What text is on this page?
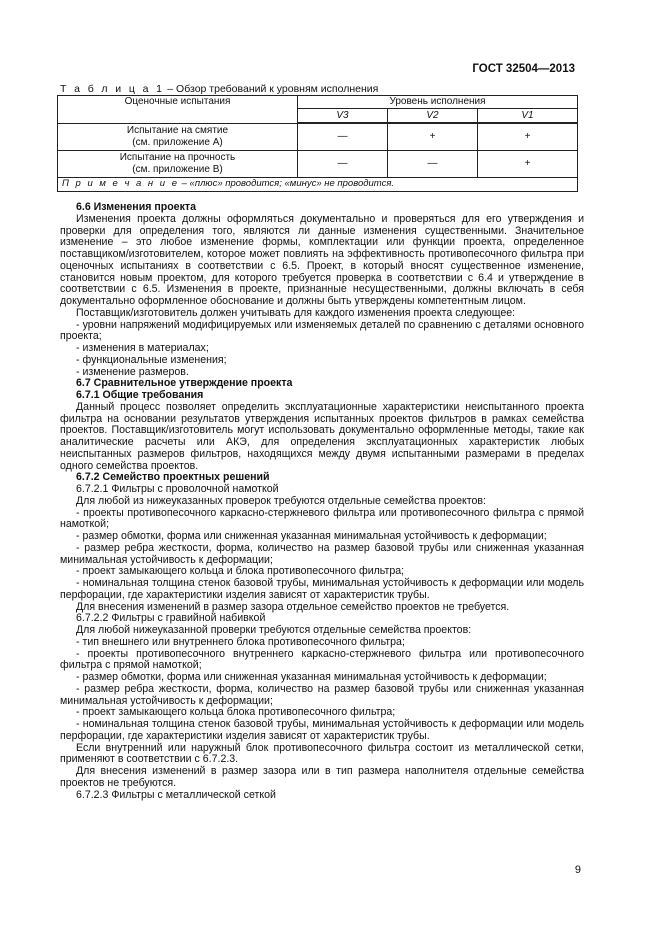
ГОСТ 32504—2013
Т а б л и ц а 1 – Обзор требований к уровням исполнения
Оценочные испытания	Уровень исполнения		
	V3	V2	V1
Испытание на смятие
(см. приложение А)	—	+	+
Испытание на прочность
(см. приложение В)	—	—	+
П р и м е ч а н и е – «плюс» проводится; «минус» не проводится.			

6.6 Изменения проекта

Изменения проекта должны оформляться документально и проверяться для его утверждения и проверки для определения того, являются ли данные изменения существенными. Значительное изменение – это любое изменение формы, комплектации или функции проекта, определенное поставщиком/изготовителем, которое может повлиять на эффективность противопесочного фильтра при оценочных испытаниях в соответствии с 6.5. Проект, в который вносят существенное изменение, становится новым проектом, для которого требуется проверка в соответствии с 6.4 и утверждение в соответствии с 6.5. Изменения в проекте, признанные несущественными, должны включать в себя документально оформленное обоснование и должны быть утверждены компетентным лицом.

Поставщик/изготовитель должен учитывать для каждого изменения проекта следующее:

- уровни напряжений модифицируемых или изменяемых деталей по сравнению с деталями основного проекта;

- изменения в материалах;

- функциональные изменения;

- изменение размеров.

6.7 Сравнительное утверждение проекта

6.7.1 Общие требования

Данный процесс позволяет определить эксплуатационные характеристики неиспытанного проекта фильтра на основании результатов утверждения испытанных проектов фильтров в рамках семейства проектов. Поставщик/изготовитель могут использовать документально оформленные методы, такие как аналитические расчеты или АКЭ, для определения эксплуатационных характеристик любых неиспытанных размеров фильтров, находящихся между двумя испытанными размерами в пределах одного семейства проектов.

6.7.2 Семейство проектных решений

6.7.2.1 Фильтры с проволочной намоткой

Для любой из нижеуказанных проверок требуются отдельные семейства проектов:

- проекты противопесочного каркасно-стержневого фильтра или противопесочного фильтра с прямой намоткой;

- размер обмотки, форма или сниженная указанная минимальная устойчивость к деформации;

- размер ребра жесткости, форма, количество на размер базовой трубы или сниженная указанная минимальная устойчивость к деформации;

- проект замыкающего кольца и блока противопесочного фильтра;

- номинальная толщина стенок базовой трубы, минимальная устойчивость к деформации или модель перфорации, где характеристики изделия зависят от характеристик трубы.

Для внесения изменений в размер зазора отдельное семейство проектов не требуется.

6.7.2.2 Фильтры с гравийной набивкой

Для любой нижеуказанной проверки требуются отдельные семейства проектов:

- тип внешнего или внутреннего блока противопесочного фильтра;

- проекты противопесочного внутреннего каркасно-стержневого фильтра или противопесочного фильтра с прямой намоткой;

- размер обмотки, форма или сниженная указанная минимальная устойчивость к деформации;

- размер ребра жесткости, форма, количество на размер базовой трубы или сниженная указанная минимальная устойчивость к деформации;

- проект замыкающего кольца блока противопесочного фильтра;

- номинальная толщина стенок базовой трубы, минимальная устойчивость к деформации или модель перфорации, где характеристики изделия зависят от характеристик трубы.

Если внутренний или наружный блок противопесочного фильтра состоит из металлической сетки, применяют в соответствии с 6.7.2.3.

Для внесения изменений в размер зазора или в тип размера наполнителя отдельные семейства проектов не требуются.

6.7.2.3 Фильтры с металлической сеткой

9
